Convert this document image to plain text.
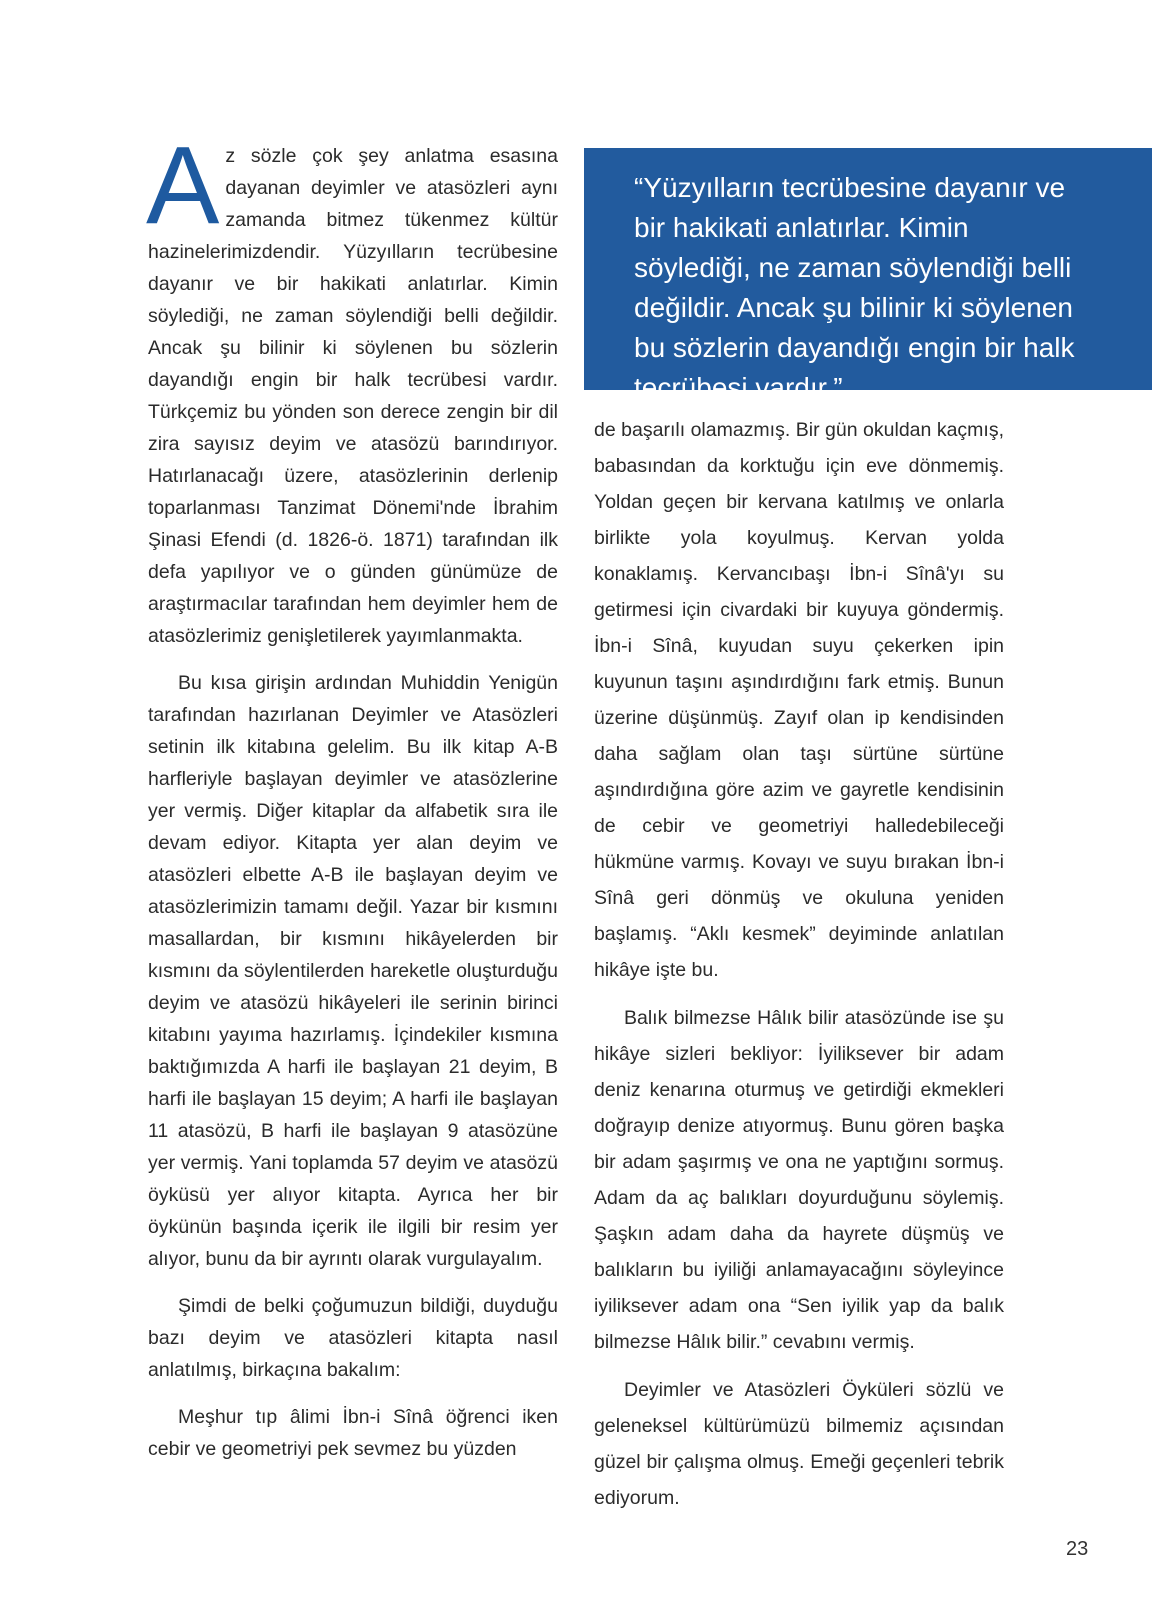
Az sözle çok şey anlatma esasına dayanan deyimler ve atasözleri aynı zamanda bitmez tükenmez kültür hazinelerimizdendir. Yüzyılların tecrübesine dayanır ve bir hakikati anlatırlar. Kimin söylediği, ne zaman söylendiği belli değildir. Ancak şu bilinir ki söylenen bu sözlerin dayandığı engin bir halk tecrübesi vardır. Türkçemiz bu yönden son derece zengin bir dil zira sayısız deyim ve atasözü barındırıyor. Hatırlanacağı üzere, atasözlerinin derlenip toparlanması Tanzimat Dönemi'nde İbrahim Şinasi Efendi (d. 1826-ö. 1871) tarafından ilk defa yapılıyor ve o günden günümüze de araştırmacılar tarafından hem deyimler hem de atasözlerimiz genişletilerek yayımlanmakta.

Bu kısa girişin ardından Muhiddin Yenigün tarafından hazırlanan Deyimler ve Atasözleri setinin ilk kitabına gelelim. Bu ilk kitap A-B harfleriyle başlayan deyimler ve atasözlerine yer vermiş. Diğer kitaplar da alfabetik sıra ile devam ediyor. Kitapta yer alan deyim ve atasözleri elbette A-B ile başlayan deyim ve atasözlerimizin tamamı değil. Yazar bir kısmını masallardan, bir kısmını hikâyelerden bir kısmını da söylentilerden hareketle oluşturduğu deyim ve atasözü hikâyeleri ile serinin birinci kitabını yayıma hazırlamış. İçindekiler kısmına baktığımızda A harfi ile başlayan 21 deyim, B harfi ile başlayan 15 deyim; A harfi ile başlayan 11 atasözü, B harfi ile başlayan 9 atasözüne yer vermiş. Yani toplamda 57 deyim ve atasözü öyküsü yer alıyor kitapta. Ayrıca her bir öykünün başında içerik ile ilgili bir resim yer alıyor, bunu da bir ayrıntı olarak vurgulayalım.

Şimdi de belki çoğumuzun bildiği, duyduğu bazı deyim ve atasözleri kitapta nasıl anlatılmış, birkaçına bakalım:

Meşhur tıp âlimi İbn-i Sînâ öğrenci iken cebir ve geometriyi pek sevmez bu yüzden

“Yüzyılların tecrübesine dayanır ve bir hakikati anlatırlar. Kimin söylediği, ne zaman söylendiği belli değildir. Ancak şu bilinir ki söylenen bu sözlerin dayandığı engin bir halk tecrübesi vardır.”

de başarılı olamazmış. Bir gün okuldan kaçmış, babasından da korktuğu için eve dönmemiş. Yoldan geçen bir kervana katılmış ve onlarla birlikte yola koyulmuş. Kervan yolda konaklamış. Kervancıbaşı İbn-i Sînâ'yı su getirmesi için civardaki bir kuyuya göndermiş. İbn-i Sînâ, kuyudan suyu çekerken ipin kuyunun taşını aşındırdığını fark etmiş. Bunun üzerine düşünmüş. Zayıf olan ip kendisinden daha sağlam olan taşı sürtüne sürtüne aşındırdığına göre azim ve gayretle kendisinin de cebir ve geometriyi halledebileceği hükmüne varmış. Kovayı ve suyu bırakan İbn-i Sînâ geri dönmüş ve okuluna yeniden başlamış. “Aklı kesmek” deyiminde anlatılan hikâye işte bu.

Balık bilmezse Hâlık bilir atasözünde ise şu hikâye sizleri bekliyor: İyiliksever bir adam deniz kenarına oturmuş ve getirdiği ekmekleri doğrayıp denize atıyormuş. Bunu gören başka bir adam şaşırmış ve ona ne yaptığını sormuş. Adam da aç balıkları doyurduğunu söylemiş. Şaşkın adam daha da hayrete düşmüş ve balıkların bu iyiliği anlamayacağını söyleyince iyiliksever adam ona “Sen iyilik yap da balık bilmezse Hâlık bilir.” cevabını vermiş.

Deyimler ve Atasözleri Öyküleri sözlü ve geleneksel kültürümüzü bilmemiz açısından güzel bir çalışma olmuş. Emeği geçenleri tebrik ediyorum.

23
